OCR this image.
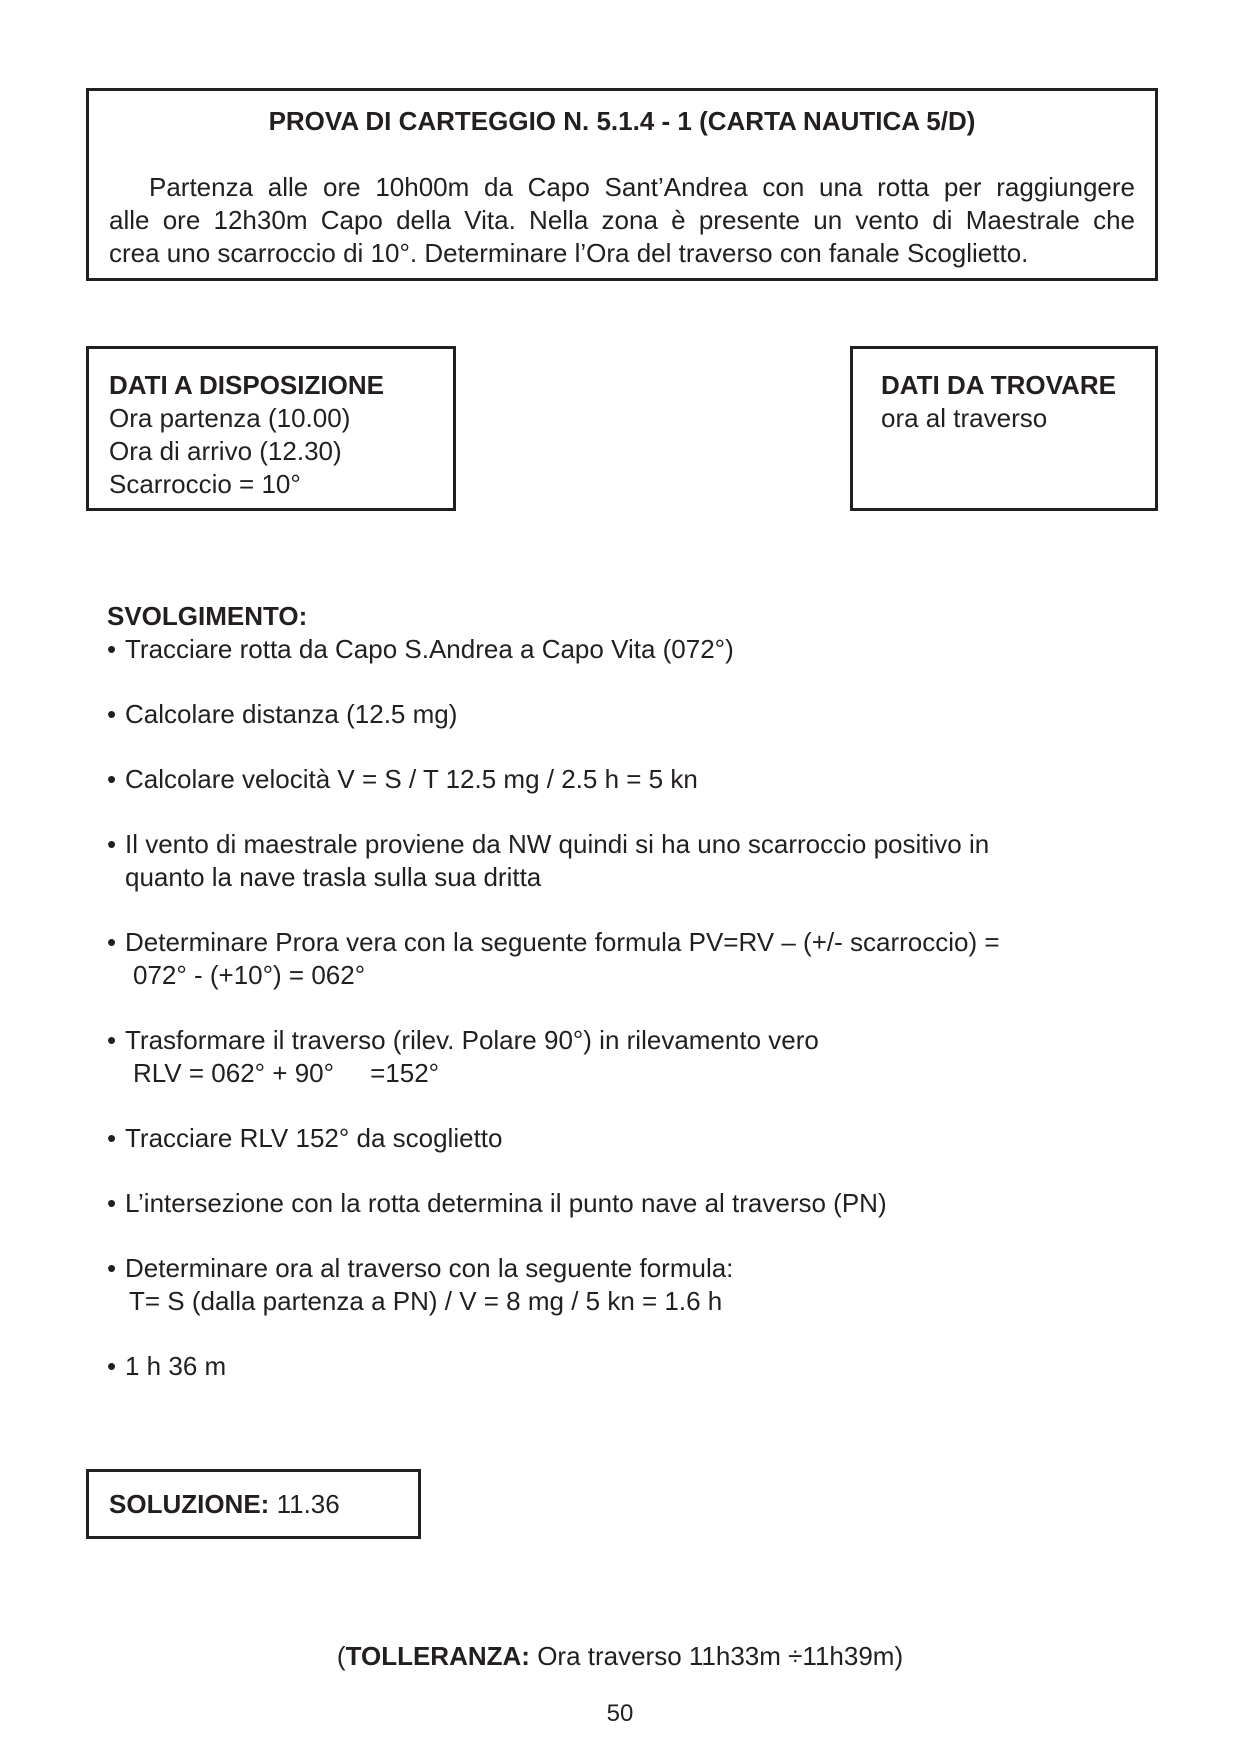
PROVA DI CARTEGGIO N. 5.1.4 - 1 (CARTA NAUTICA 5/D)
Partenza alle ore 10h00m da Capo Sant’Andrea con una rotta per raggiungere
alle ore 12h30m Capo della Vita. Nella zona è presente un vento di Maestrale che
crea uno scarroccio di 10°. Determinare l’Ora del traverso con fanale Scoglietto.
DATI A DISPOSIZIONE
Ora partenza (10.00)
Ora di arrivo (12.30)
Scarroccio = 10°
DATI DA TROVARE
ora al traverso
SVOLGIMENTO:
• Tracciare rotta da Capo S.Andrea a Capo Vita (072°)
• Calcolare distanza (12.5 mg)
• Calcolare velocità V = S / T 12.5 mg / 2.5 h = 5 kn
• Il vento di maestrale proviene da NW quindi si ha uno scarroccio positivo in
quanto la nave trasla sulla sua dritta
• Determinare Prora vera con la seguente formula PV=RV – (+/- scarroccio) =
072° - (+10°) = 062°
• Trasformare il traverso (rilev. Polare 90°) in rilevamento vero
RLV = 062° + 90°     =152°
• Tracciare RLV 152° da scoglietto
• L’intersezione con la rotta determina il punto nave al traverso (PN)
• Determinare ora al traverso con la seguente formula:
T= S (dalla partenza a PN) / V = 8 mg / 5 kn = 1.6 h
• 1 h 36 m
SOLUZIONE: 11.36
(TOLLERANZA: Ora traverso 11h33m ÷11h39m)
50
